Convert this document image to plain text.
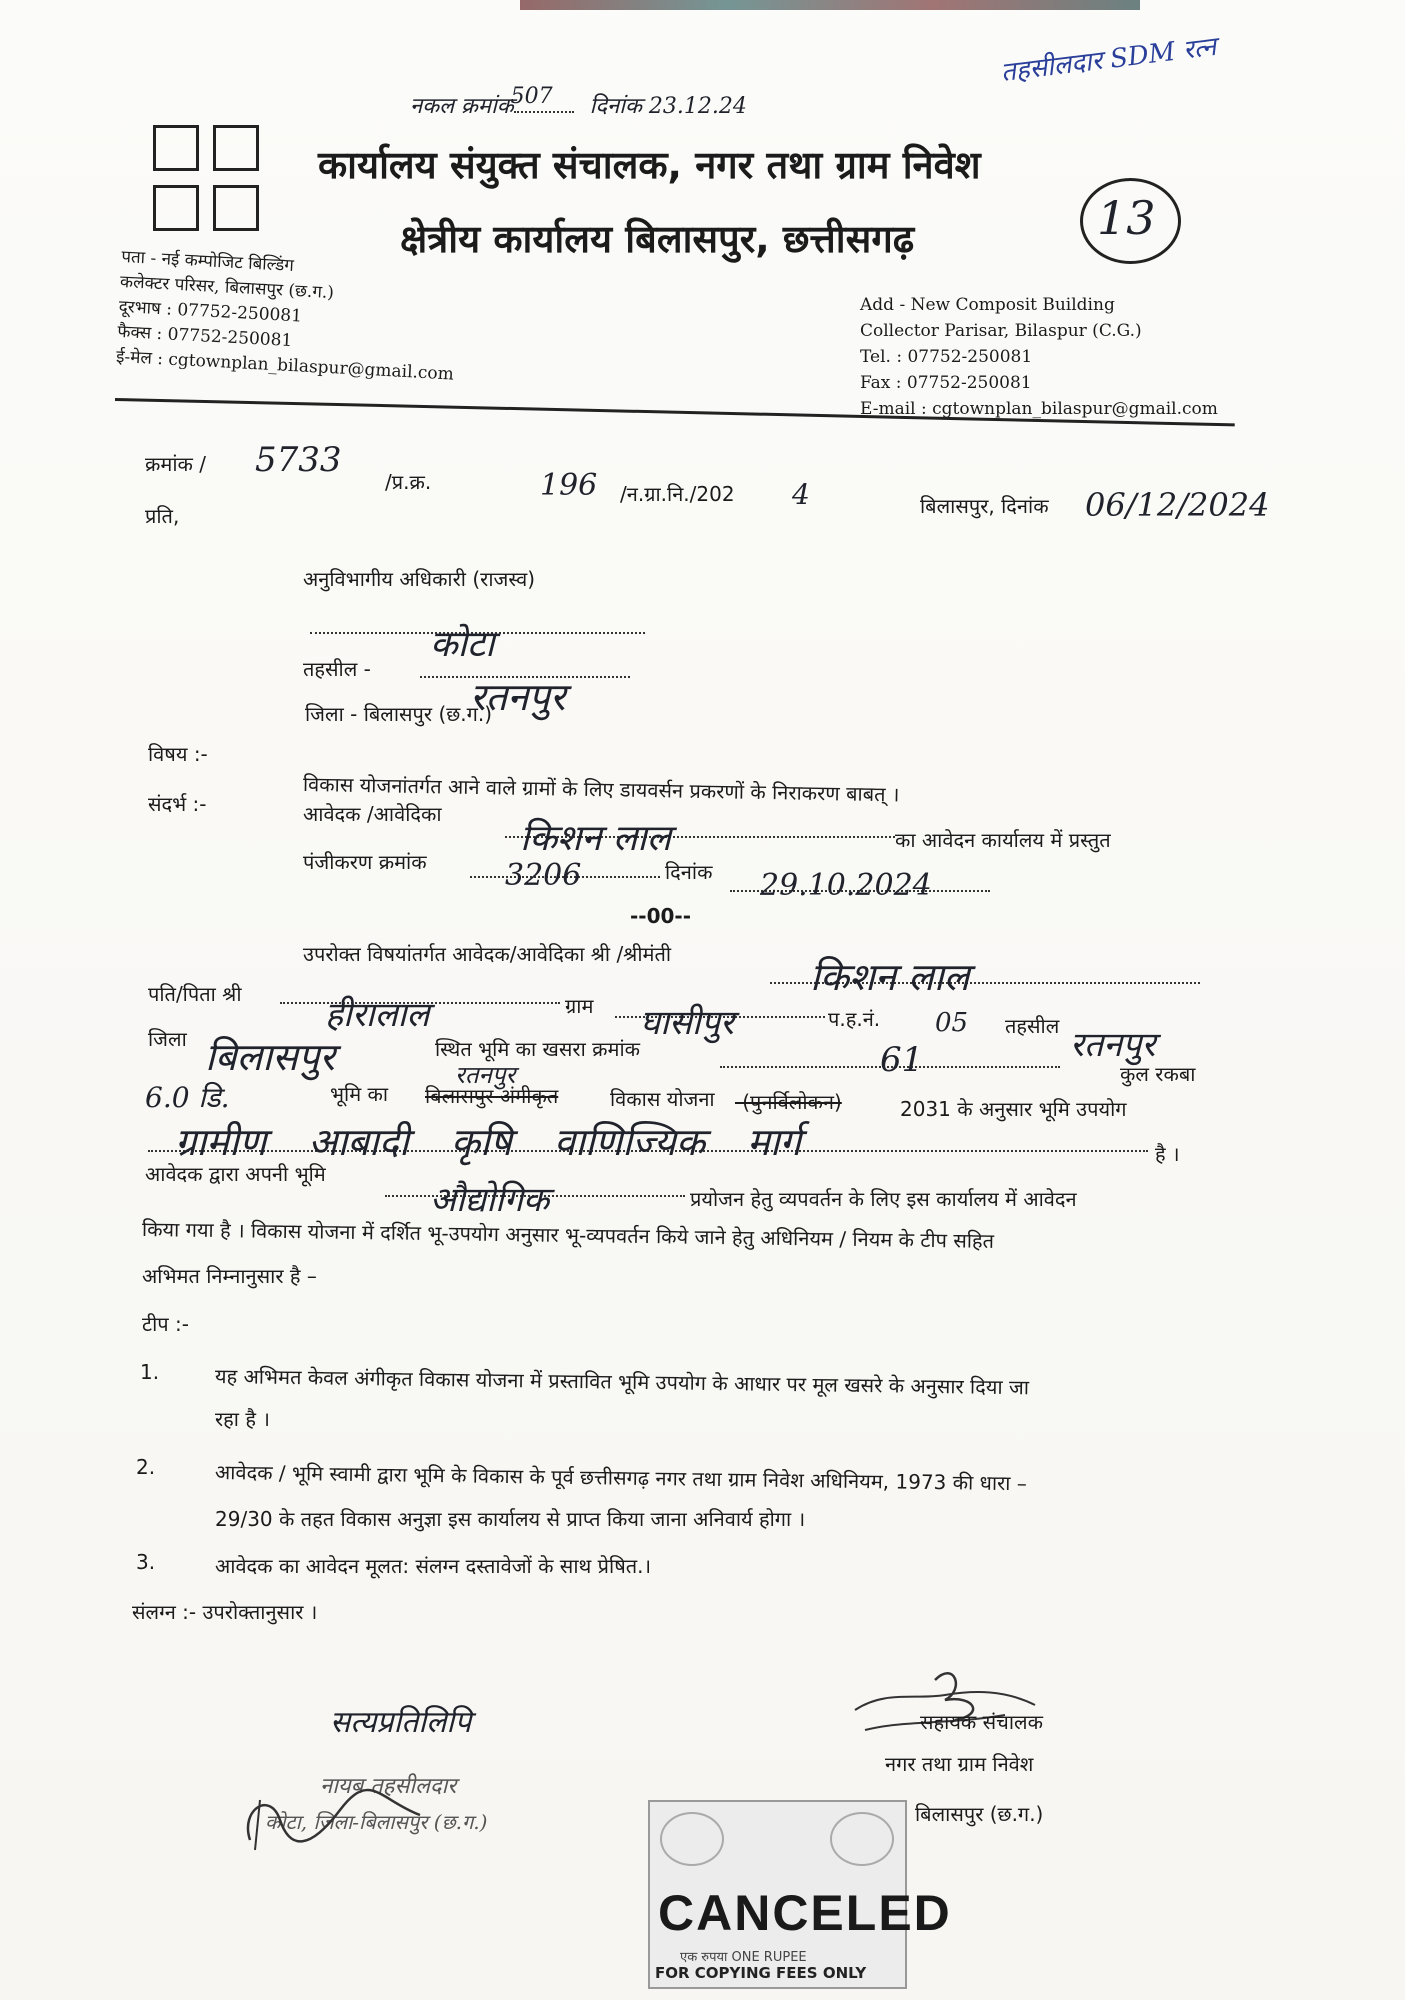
नकल क्रमांक 507 दिनांक 23.12.24
तहसीलदार SDM रत्न
कार्यालय संयुक्त संचालक, नगर तथा ग्राम निवेश
क्षेत्रीय कार्यालय बिलासपुर, छत्तीसगढ़	13
पता - नई कम्पोजिट बिल्डिंग
कलेक्टर परिसर, बिलासपुर (छ.ग.)
दूरभाष : 07752-250081
फैक्स : 07752-250081
ई-मेल : cgtownplan_bilaspur@gmail.com
Add - New Composit Building
Collector Parisar, Bilaspur (C.G.)
Tel. : 07752-250081
Fax : 07752-250081
E-mail : cgtownplan_bilaspur@gmail.com
क्रमांक / 5733
/प्र.क्र.	196 /न.ग्रा.नि./202 4	बिलासपुर, दिनांक 06/12/2024
प्रति,
अनुविभागीय अधिकारी (राजस्व)
कोटा
तहसील -
रतनपुर
जिला - बिलासपुर (छ.ग.)
विषय :-
विकास योजनांतर्गत आने वाले ग्रामों के लिए डायवर्सन प्रकरणों के निराकरण बाबत् ।
संदर्भ :-	आवेदक /आवेदिका
किशन लाल	का आवेदन कार्यालय में प्रस्तुत
पंजीकरण क्रमांक	3206	दिनांक 29.10.2024
--00--
उपरोक्त विषयांतर्गत आवेदक/आवेदिका श्री /श्रीमंती
किशन लाल
पति/पिता श्री
हीरालाल	ग्राम घासीपुर	प.ह.नं. 05 तहसील रतनपुर
जिला बिलासपुर	स्थित भूमि का खसरा क्रमांक	61	कुल रकबा
6.0 डि.	भूमि का बिलासपुर अंगीकृत
रतनपुर
विकास योजना -(पुनर्विलोकन)	2031 के अनुसार भूमि उपयोग
ग्रामीण आबादी कृषि वाणिज्यिक मार्ग	है ।
आवेदक द्वारा अपनी भूमि
औद्योगिक	प्रयोजन हेतु व्यपवर्तन के लिए इस कार्यालय में आवेदन
किया गया है । विकास योजना में दर्शित भू-उपयोग अनुसार भू-व्यपवर्तन किये जाने हेतु अधिनियम / नियम के टीप सहित
अभिमत निम्नानुसार है –
टीप :-
1.	यह अभिमत केवल अंगीकृत विकास योजना में प्रस्तावित भूमि उपयोग के आधार पर मूल खसरे के अनुसार दिया जा
रहा है ।
2.	आवेदक / भूमि स्वामी द्वारा भूमि के विकास के पूर्व छत्तीसगढ़ नगर तथा ग्राम निवेश अधिनियम, 1973 की धारा –
29/30 के तहत विकास अनुज्ञा इस कार्यालय से प्राप्त किया जाना अनिवार्य होगा ।
3.	आवेदक का आवेदन मूलत: संलग्न दस्तावेजों के साथ प्रेषित.।
संलग्न :- उपरोक्तानुसार ।
सत्यप्रतिलिपि
नायब तहसीलदार
कोटा, जिला-बिलासपुर (छ.ग.)
सहायक संचालक
नगर तथा ग्राम निवेश
बिलासपुर (छ.ग.)
CANCELED
एक रुपया ONE RUPEE
FOR COPYING FEES ONLY
